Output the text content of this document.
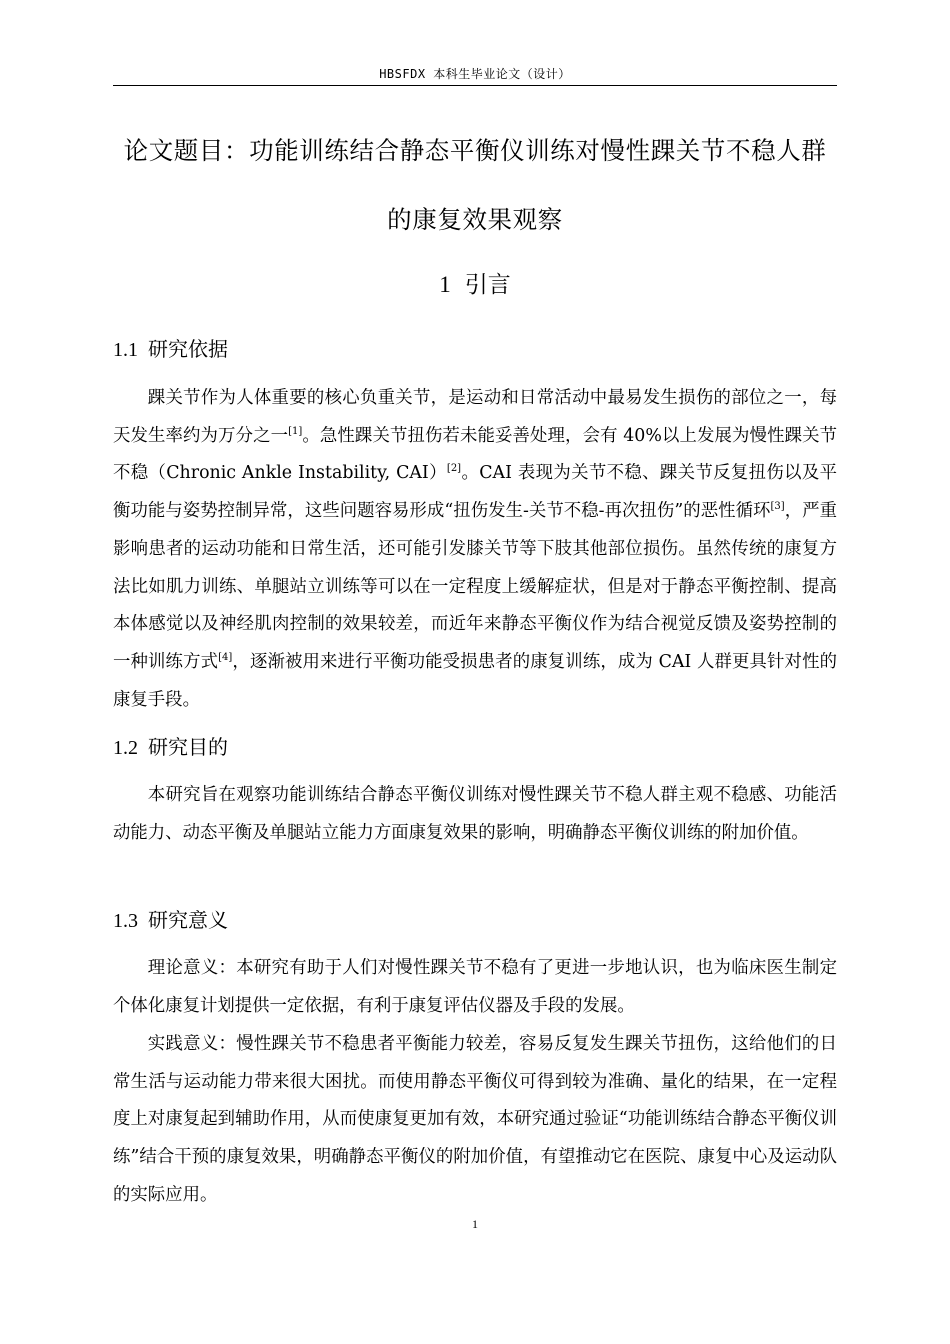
HBSFDX 本科生毕业论文（设计）
论文题目：功能训练结合静态平衡仪训练对慢性踝关节不稳人群
的康复效果观察
1 引言
1.1 研究依据

踝关节作为人体重要的核心负重关节，是运动和日常活动中最易发生损伤的部位之一，每天发生率约为万分之一[1]。急性踝关节扭伤若未能妥善处理，会有 40%以上发展为慢性踝关节不稳（Chronic Ankle Instability, CAI）[2]。CAI 表现为关节不稳、踝关节反复扭伤以及平衡功能与姿势控制异常，这些问题容易形成“扭伤发生-关节不稳-再次扭伤”的恶性循环[3]，严重影响患者的运动功能和日常生活，还可能引发膝关节等下肢其他部位损伤。虽然传统的康复方法比如肌力训练、单腿站立训练等可以在一定程度上缓解症状，但是对于静态平衡控制、提高本体感觉以及神经肌肉控制的效果较差，而近年来静态平衡仪作为结合视觉反馈及姿势控制的一种训练方式[4]，逐渐被用来进行平衡功能受损患者的康复训练，成为 CAI 人群更具针对性的康复手段。

1.2 研究目的

本研究旨在观察功能训练结合静态平衡仪训练对慢性踝关节不稳人群主观不稳感、功能活动能力、动态平衡及单腿站立能力方面康复效果的影响，明确静态平衡仪训练的附加价值。

1.3 研究意义

理论意义：本研究有助于人们对慢性踝关节不稳有了更进一步地认识，也为临床医生制定个体化康复计划提供一定依据，有利于康复评估仪器及手段的发展。

实践意义：慢性踝关节不稳患者平衡能力较差，容易反复发生踝关节扭伤，这给他们的日常生活与运动能力带来很大困扰。而使用静态平衡仪可得到较为准确、量化的结果，在一定程度上对康复起到辅助作用，从而使康复更加有效，本研究通过验证“功能训练结合静态平衡仪训练”结合干预的康复效果，明确静态平衡仪的附加价值，有望推动它在医院、康复中心及运动队的实际应用。

1
